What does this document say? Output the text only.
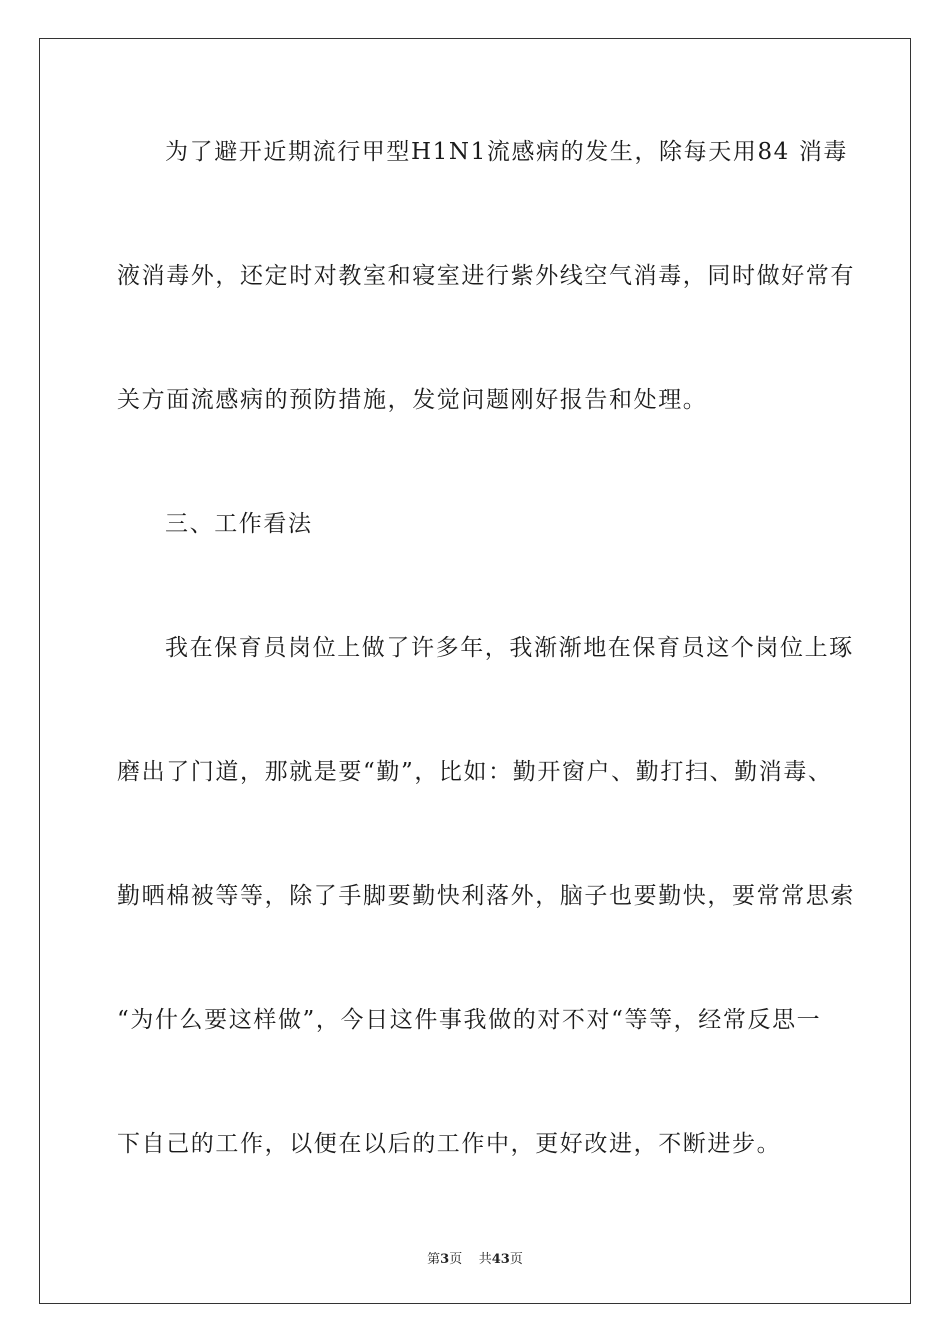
为了避开近期流行甲型H1N1流感病的发生，除每天用84 消毒
液消毒外，还定时对教室和寝室进行紫外线空气消毒，同时做好常有
关方面流感病的预防措施，发觉问题刚好报告和处理。
三、工作看法
我在保育员岗位上做了许多年，我渐渐地在保育员这个岗位上琢
磨出了门道，那就是要“勤”，比如：勤开窗户、勤打扫、勤消毒、
勤晒棉被等等，除了手脚要勤快利落外，脑子也要勤快，要常常思索
“为什么要这样做”，今日这件事我做的对不对“等等，经常反思一
下自己的工作，以便在以后的工作中，更好改进，不断进步。
第3页 共43页
